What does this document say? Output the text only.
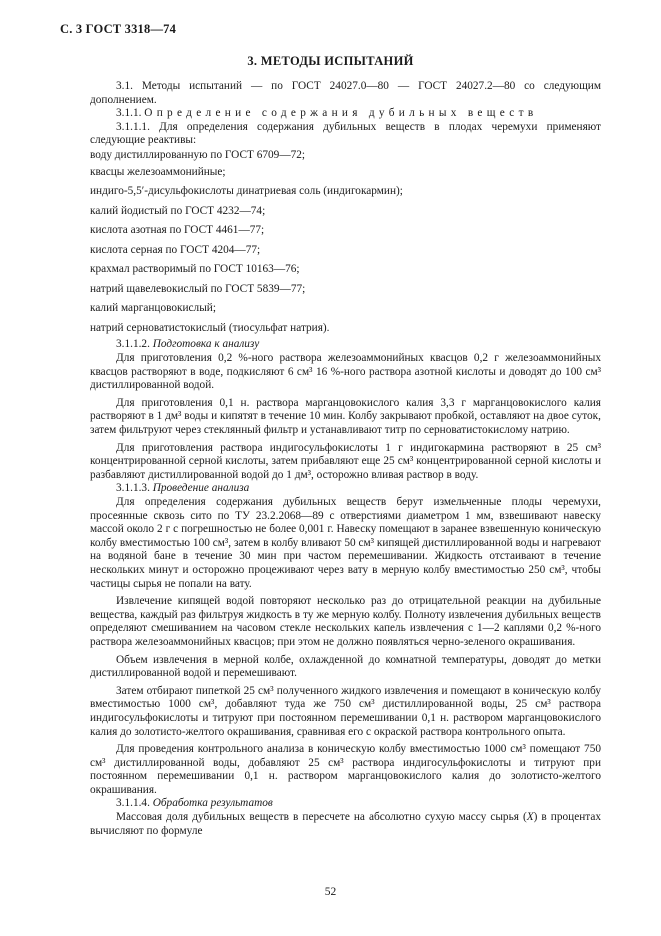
С. 3 ГОСТ 3318—74
3. МЕТОДЫ ИСПЫТАНИЙ

3.1. Методы испытаний — по ГОСТ 24027.0—80 — ГОСТ 24027.2—80 со следующим дополнением.

3.1.1. Определение содержания дубильных веществ

3.1.1.1. Для определения содержания дубильных веществ в плодах черемухи применяют следующие реактивы:

воду дистиллированную по ГОСТ 6709—72;
квасцы железоаммонийные;
индиго-5,5′-дисульфокислоты динатриевая соль (индигокармин);
калий йодистый по ГОСТ 4232—74;
кислота азотная по ГОСТ 4461—77;
кислота серная по ГОСТ 4204—77;
крахмал растворимый по ГОСТ 10163—76;
натрий щавелевокислый по ГОСТ 5839—77;
калий марганцовокислый;
натрий серноватистокислый (тиосульфат натрия).

3.1.1.2. Подготовка к анализу

Для приготовления 0,2 %-ного раствора железоаммонийных квасцов 0,2 г железоаммонийных квасцов растворяют в воде, подкисляют 6 см³ 16 %-ного раствора азотной кислоты и доводят до 100 см³ дистиллированной водой.

Для приготовления 0,1 н. раствора марганцовокислого калия 3,3 г марганцовокислого калия растворяют в 1 дм³ воды и кипятят в течение 10 мин. Колбу закрывают пробкой, оставляют на двое суток, затем фильтруют через стеклянный фильтр и устанавливают титр по серноватистокислому натрию.

Для приготовления раствора индигосульфокислоты 1 г индигокармина растворяют в 25 см³ концентрированной серной кислоты, затем прибавляют еще 25 см³ концентрированной серной кислоты и разбавляют дистиллированной водой до 1 дм³, осторожно вливая раствор в воду.

3.1.1.3. Проведение анализа

Для определения содержания дубильных веществ берут измельченные плоды черемухи, просеянные сквозь сито по ТУ 23.2.2068—89 с отверстиями диаметром 1 мм, взвешивают навеску массой около 2 г с погрешностью не более 0,001 г. Навеску помещают в заранее взвешенную коническую колбу вместимостью 100 см³, затем в колбу вливают 50 см³ кипящей дистиллированной воды и нагревают на водяной бане в течение 30 мин при частом перемешивании. Жидкость отстаивают в течение нескольких минут и осторожно процеживают через вату в мерную колбу вместимостью 250 см³, чтобы частицы сырья не попали на вату.

Извлечение кипящей водой повторяют несколько раз до отрицательной реакции на дубильные вещества, каждый раз фильтруя жидкость в ту же мерную колбу. Полноту извлечения дубильных веществ определяют смешиванием на часовом стекле нескольких капель извлечения с 1—2 каплями 0,2 %-ного раствора железоаммонийных квасцов; при этом не должно появляться черно-зеленого окрашивания.

Объем извлечения в мерной колбе, охлажденной до комнатной температуры, доводят до метки дистиллированной водой и перемешивают.

Затем отбирают пипеткой 25 см³ полученного жидкого извлечения и помещают в коническую колбу вместимостью 1000 см³, добавляют туда же 750 см³ дистиллированной воды, 25 см³ раствора индигосульфокислоты и титруют при постоянном перемешивании 0,1 н. раствором марганцовокислого калия до золотисто-желтого окрашивания, сравнивая его с окраской раствора контрольного опыта.

Для проведения контрольного анализа в коническую колбу вместимостью 1000 см³ помещают 750 см³ дистиллированной воды, добавляют 25 см³ раствора индигосульфокислоты и титруют при постоянном перемешивании 0,1 н. раствором марганцовокислого калия до золотисто-желтого окрашивания.

3.1.1.4. Обработка результатов

Массовая доля дубильных веществ в пересчете на абсолютно сухую массу сырья (X) в процентах вычисляют по формуле

52
